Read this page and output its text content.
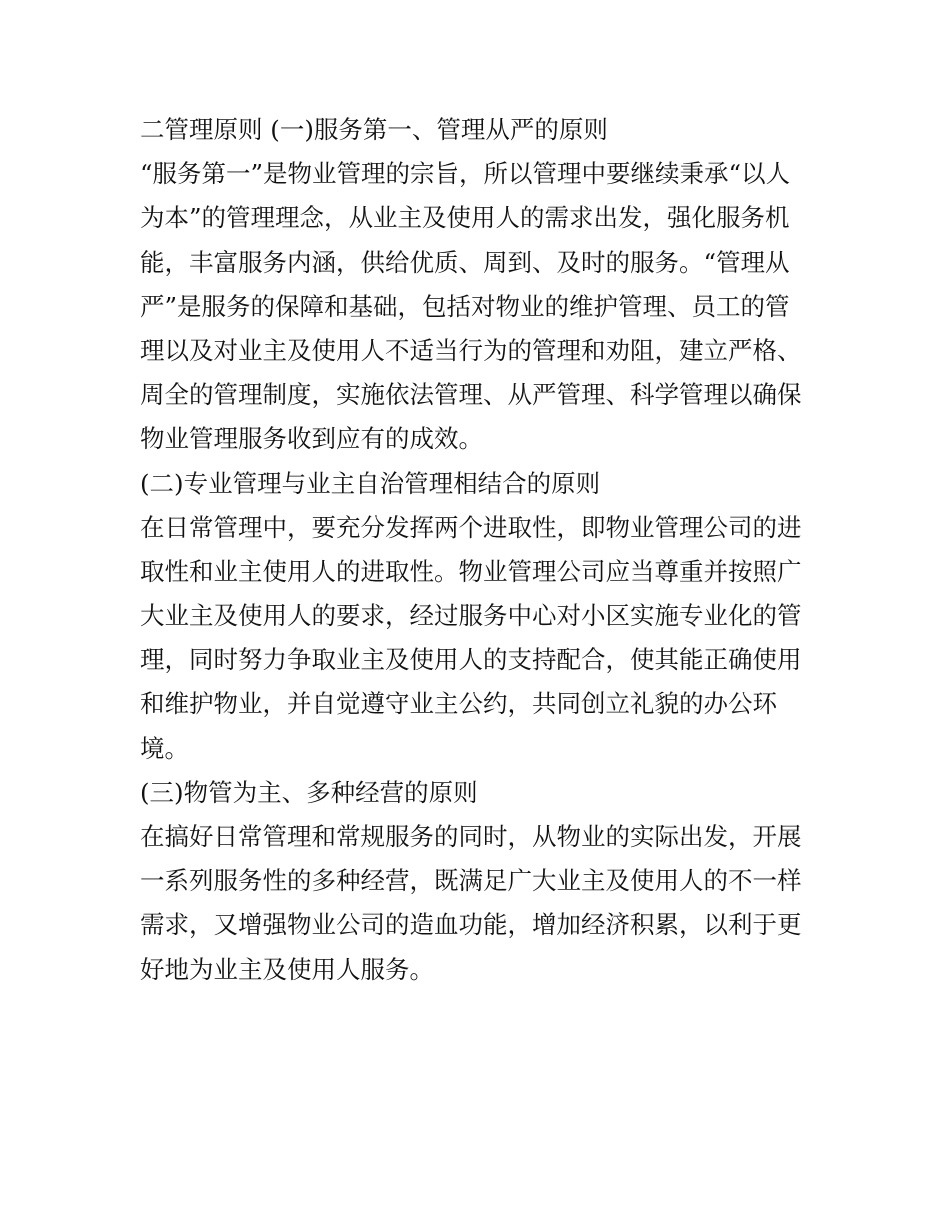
二管理原则 (一)服务第一、管理从严的原则
“服务第一”是物业管理的宗旨，所以管理中要继续秉承“以人
为本”的管理理念，从业主及使用人的需求出发，强化服务机
能，丰富服务内涵，供给优质、周到、及时的服务。“管理从
严”是服务的保障和基础，包括对物业的维护管理、员工的管
理以及对业主及使用人不适当行为的管理和劝阻，建立严格、
周全的管理制度，实施依法管理、从严管理、科学管理以确保
物业管理服务收到应有的成效。
(二)专业管理与业主自治管理相结合的原则
在日常管理中，要充分发挥两个进取性，即物业管理公司的进
取性和业主使用人的进取性。物业管理公司应当尊重并按照广
大业主及使用人的要求，经过服务中心对小区实施专业化的管
理，同时努力争取业主及使用人的支持配合，使其能正确使用
和维护物业，并自觉遵守业主公约，共同创立礼貌的办公环
境。
(三)物管为主、多种经营的原则
在搞好日常管理和常规服务的同时，从物业的实际出发，开展
一系列服务性的多种经营，既满足广大业主及使用人的不一样
需求，又增强物业公司的造血功能，增加经济积累，以利于更
好地为业主及使用人服务。
